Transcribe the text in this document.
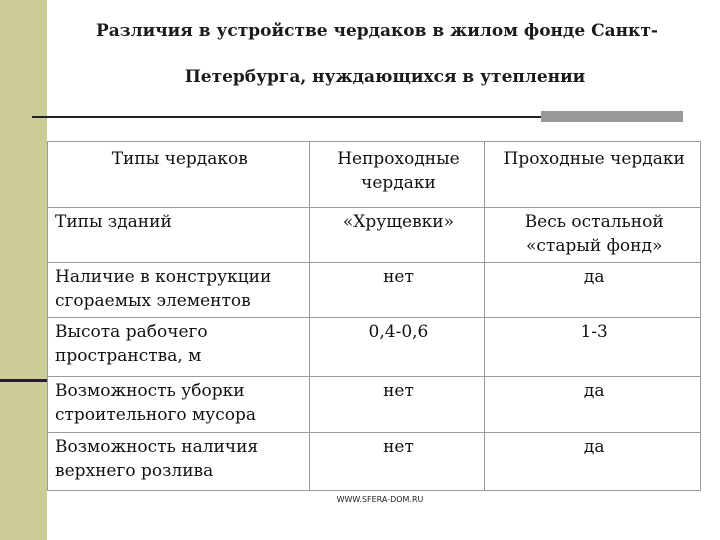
Различия в устройстве чердаков в жилом фонде Санкт-
Петербурга, нуждающихся в утеплении
Типы чердаков	Непроходные чердаки	Проходные чердаки
Типы зданий	«Хрущевки»	Весь остальной «старый фонд»
Наличие в конструкции сгораемых элементов	нет	да
Высота рабочего пространства, м	0,4-0,6	1-3
Возможность уборки строительного мусора	нет	да
Возможность наличия верхнего розлива	нет	да
WWW.SFERA-DOM.RU
